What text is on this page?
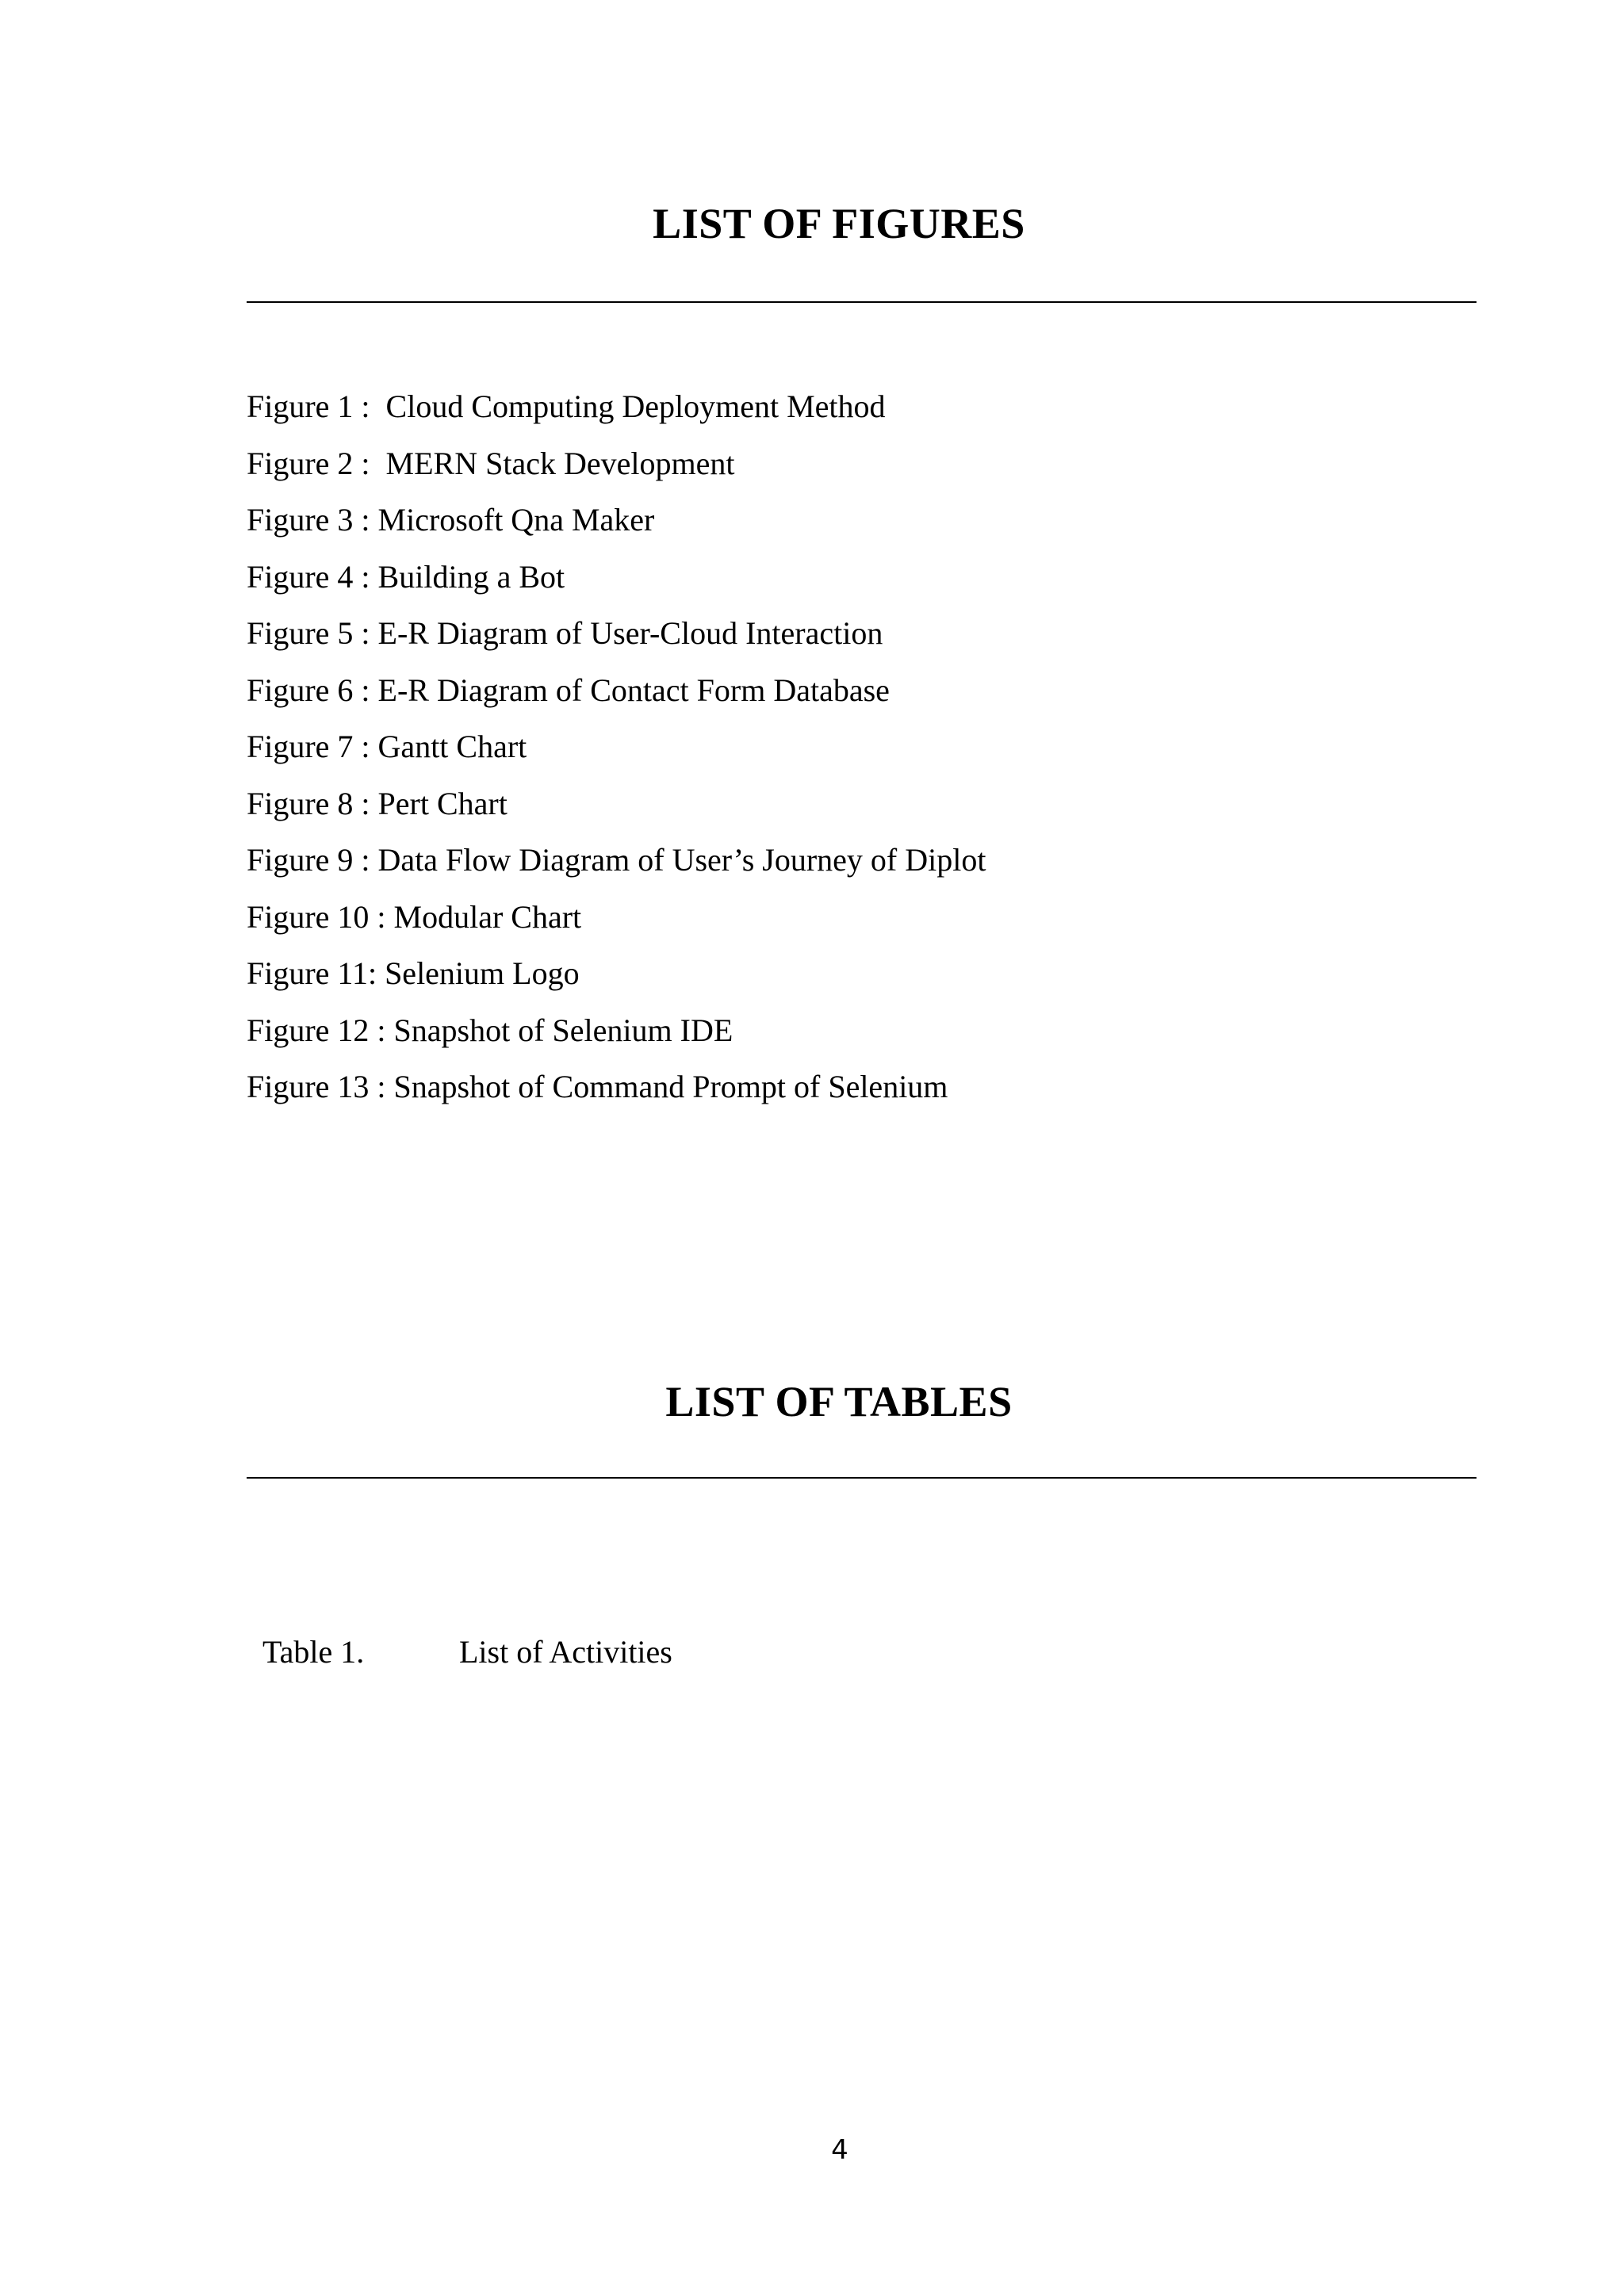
LIST OF FIGURES
Figure 1 :  Cloud Computing Deployment Method
Figure 2 :  MERN Stack Development
Figure 3 : Microsoft Qna Maker
Figure 4 : Building a Bot
Figure 5 : E-R Diagram of User-Cloud Interaction
Figure 6 : E-R Diagram of Contact Form Database
Figure 7 : Gantt Chart
Figure 8 : Pert Chart
Figure 9 : Data Flow Diagram of User’s Journey of Diplot
Figure 10 : Modular Chart
Figure 11: Selenium Logo
Figure 12 : Snapshot of Selenium IDE
Figure 13 : Snapshot of Command Prompt of Selenium
LIST OF TABLES

Table 1.	List of Activities

4
